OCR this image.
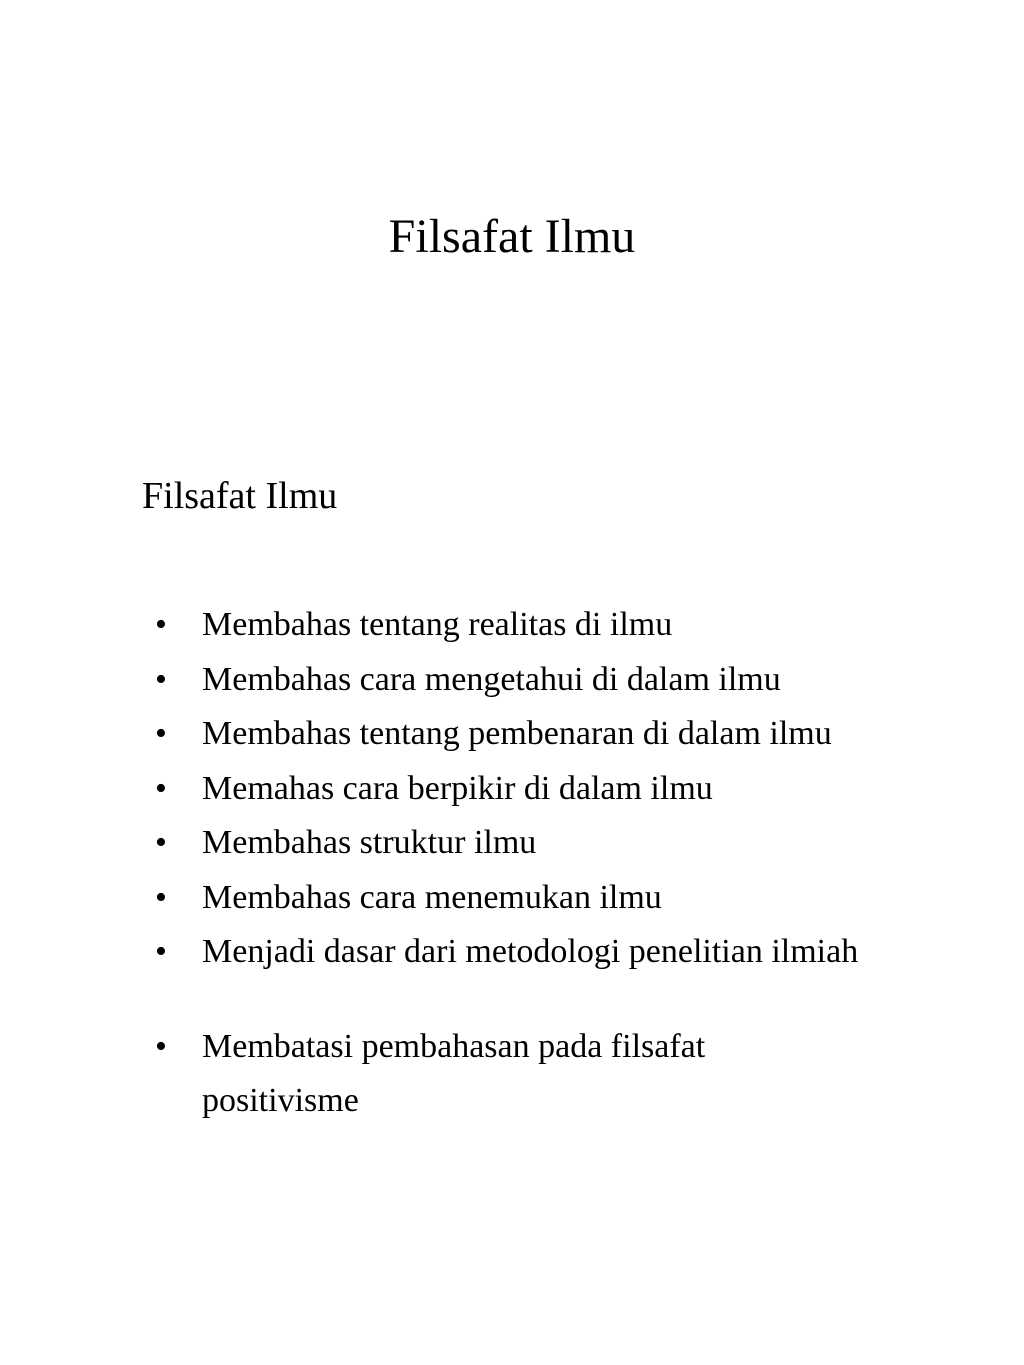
Filsafat Ilmu
Filsafat Ilmu
• Membahas tentang realitas di ilmu
• Membahas cara mengetahui di dalam ilmu
• Membahas tentang pembenaran di dalam ilmu
• Memahas cara berpikir di dalam ilmu
• Membahas struktur ilmu
• Membahas cara menemukan ilmu
• Menjadi dasar dari metodologi penelitian ilmiah
• Membatasi pembahasan pada filsafat positivisme
